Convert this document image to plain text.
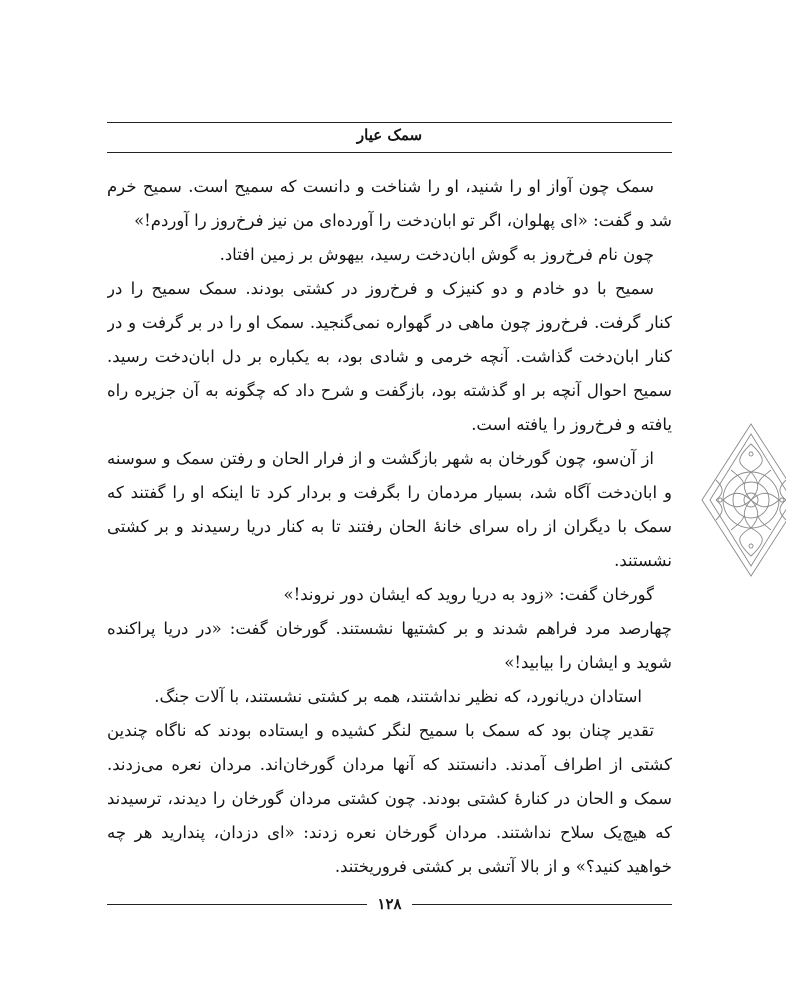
سمک عیار
سمک چون آواز او را شنید، او را شناخت و دانست که سمیح است. سمیح خرم
شد و گفت: «ای پهلوان، اگر تو ابان‌دخت را آورده‌ای من نیز فرخ‌روز را آوردم!»
چون نام فرخ‌روز به گوش ابان‌دخت رسید، بیهوش بر زمین افتاد.
سمیح با دو خادم و دو کنیزک و فرخ‌روز در کشتی بودند. سمک سمیح را در
کنار گرفت. فرخ‌روز چون ماهی در گهواره نمی‌گنجید. سمک او را در بر گرفت و در
کنار ابان‌دخت گذاشت. آنچه خرمی و شادی بود، به یکباره بر دل ابان‌دخت رسید.
سمیح احوال آنچه بر او گذشته بود، بازگفت و شرح داد که چگونه به آن جزیره راه
یافته و فرخ‌روز را یافته است.
از آن‌سو، چون گورخان به شهر بازگشت و از فرار الحان و رفتن سمک و سوسنه
و ابان‌دخت آگاه شد، بسیار مردمان را بگرفت و بردار کرد تا اینکه او را گفتند که
سمک با دیگران از راه سرای خانهٔ الحان رفتند تا به کنار دریا رسیدند و بر کشتی
نشستند.
گورخان گفت: «زود به دریا روید که ایشان دور نروند!»
چهارصد مرد فراهم شدند و بر کشتیها نشستند. گورخان گفت: «در دریا پراکنده
شوید و ایشان را بیابید!»
استادان دریانورد، که نظیر نداشتند، همه بر کشتی نشستند، با آلات جنگ.
تقدیر چنان بود که سمک با سمیح لنگر کشیده و ایستاده بودند که ناگاه چندین
کشتی از اطراف آمدند. دانستند که آنها مردان گورخان‌اند. مردان نعره می‌زدند.
سمک و الحان در کنارهٔ کشتی بودند. چون کشتی مردان گورخان را دیدند، ترسیدند
که هیچ‌یک سلاح نداشتند. مردان گورخان نعره زدند: «ای دزدان، پندارید هر چه
خواهید کنید؟» و از بالا آتشی بر کشتی فروریختند.
۱۲۸
